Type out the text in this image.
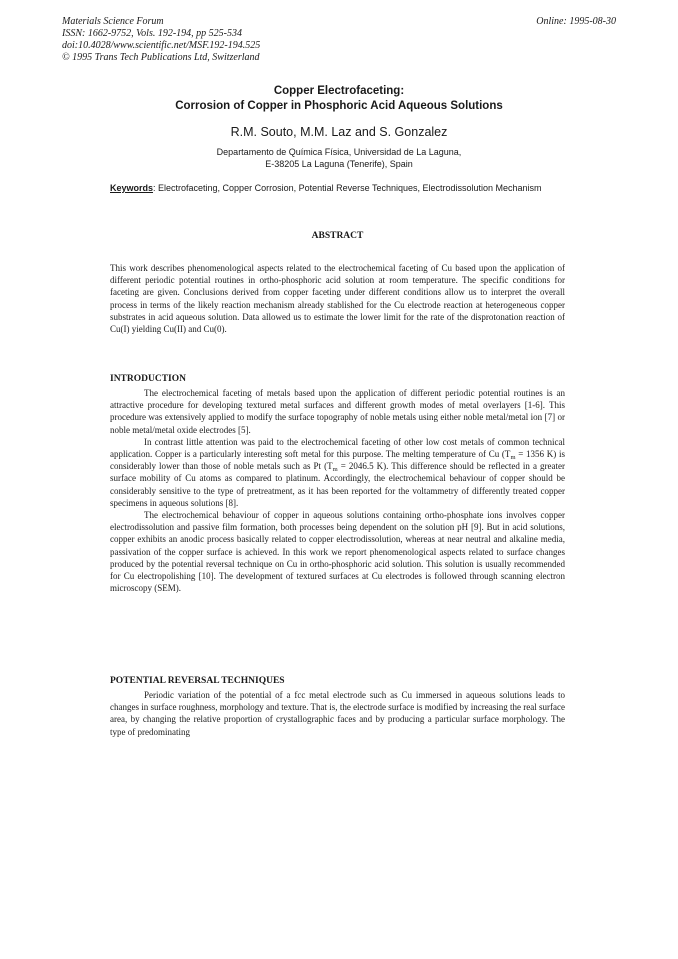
Materials Science Forum
ISSN: 1662-9752, Vols. 192-194, pp 525-534
doi:10.4028/www.scientific.net/MSF.192-194.525
© 1995 Trans Tech Publications Ltd, Switzerland
Online: 1995-08-30
Copper Electrofaceting:
Corrosion of Copper in Phosphoric Acid Aqueous Solutions
R.M. Souto, M.M. Laz and S. Gonzalez
Departamento de Química Física, Universidad de La Laguna,
E-38205 La Laguna (Tenerife), Spain
Keywords: Electrofaceting, Copper Corrosion, Potential Reverse Techniques, Electrodissolution Mechanism
ABSTRACT

This work describes phenomenological aspects related to the electrochemical faceting of Cu based upon the application of different periodic potential routines in ortho-phosphoric acid solution at room temperature. The specific conditions for faceting are given. Conclusions derived from copper faceting under different conditions allow us to interpret the overall process in terms of the likely reaction mechanism already stablished for the Cu electrode reaction at heterogeneous copper substrates in acid aqueous solution. Data allowed us to estimate the lower limit for the rate of the disprotonation reaction of Cu(I) yielding Cu(II) and Cu(0).

INTRODUCTION

The electrochemical faceting of metals based upon the application of different periodic potential routines is an attractive procedure for developing textured metal surfaces and different growth modes of metal overlayers [1-6]. This procedure was extensively applied to modify the surface topography of noble metals using either noble metal/metal ion [7] or noble metal/metal oxide electrodes [5].

In contrast little attention was paid to the electrochemical faceting of other low cost metals of common technical application. Copper is a particularly interesting soft metal for this purpose. The melting temperature of Cu ($T_m = 1356$ K) is considerably lower than those of noble metals such as Pt ($T_m = 2046.5$ K). This difference should be reflected in a greater surface mobility of Cu atoms as compared to platinum. Accordingly, the electrochemical behaviour of copper should be considerably sensitive to the type of pretreatment, as it has been reported for the voltammetry of differently treated copper specimens in aqueous solutions [8].

The electrochemical behaviour of copper in aqueous solutions containing ortho-phosphate ions involves copper electrodissolution and passive film formation, both processes being dependent on the solution pH [9]. But in acid solutions, copper exhibits an anodic process basically related to copper electrodissolution, whereas at near neutral and alkaline media, passivation of the copper surface is achieved. In this work we report phenomenological aspects related to surface changes produced by the potential reversal technique on Cu in ortho-phosphoric acid solution. This solution is usually recommended for Cu electropolishing [10]. The development of textured surfaces at Cu electrodes is followed through scanning electron microscopy (SEM).

POTENTIAL REVERSAL TECHNIQUES

Periodic variation of the potential of a fcc metal electrode such as Cu immersed in aqueous solutions leads to changes in surface roughness, morphology and texture. That is, the electrode surface is modified by increasing the real surface area, by changing the relative proportion of crystallographic faces and by producing a particular surface morphology. The type of predominating
